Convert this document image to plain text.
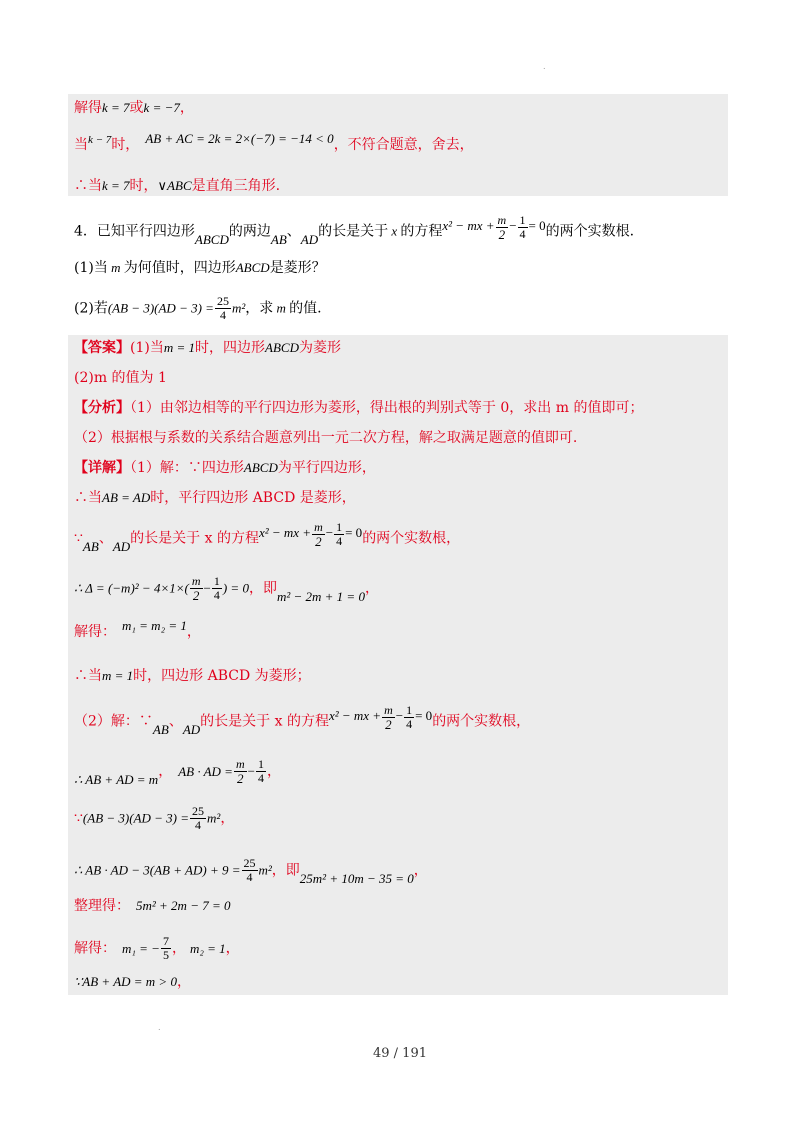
.
解得k = 7或k = −7，
当$^{k - 7}$时， AB + AC = 2k = 2×(−7) = −14 < 0，不符合题意，舍去，
∴当k = 7时，∨ABC是直角三角形.
4．已知平行四边形ABCD的两边AB、AD的长是关于 x 的方程x² − mx + $\frac{m}{2} - \frac{1}{4} = 0$的两个实数根.
(1)当 m 为何值时，四边形ABCD是菱形？
(2)若$(AB - 3)(AD - 3) = \frac{25}{4} m^2$，求 m 的值.
【答案】(1)当m = 1时，四边形ABCD为菱形
(2)m 的值为 1
【分析】（1）由邻边相等的平行四边形为菱形，得出根的判别式等于 0，求出 m 的值即可；
（2）根据根与系数的关系结合题意列出一元二次方程，解之取满足题意的值即可.
【详解】（1）解：∵四边形ABCD为平行四边形，
∴当AB = AD时，平行四边形 ABCD 是菱形，
∵AB、AD的长是关于 x 的方程x² − mx + $\frac{m}{2} - \frac{1}{4} = 0$的两个实数根，
∴ $\Delta = (-m)^2 - 4\times 1\times( \frac{m}{2} - \frac{1}{4}$ ) = 0，即m² − 2m + 1 = 0，
解得： m₁ = m₂ = 1，
∴当m = 1时，四边形 ABCD 为菱形；
（2）解：∵AB、AD的长是关于 x 的方程x² − mx + $\frac{m}{2} - \frac{1}{4} = 0$的两个实数根，
∴ AB + AD = m， AB · AD = $\frac{m}{2} - \frac{1}{4}$ ，
∵(AB − $3)(AD - 3) = \frac{25}{4} m^2$，
∴ AB · AD − $3(AB + AD) + 9 = \frac{25}{4} m^2$，即25m² + 10m − 35 = 0，
整理得： 5m² + 2m − 7 = 0
解得： m₁ = − $\frac{7}{5}$ ， m₂ = 1，
∵AB + AD = m > 0，
.
49 / 191
